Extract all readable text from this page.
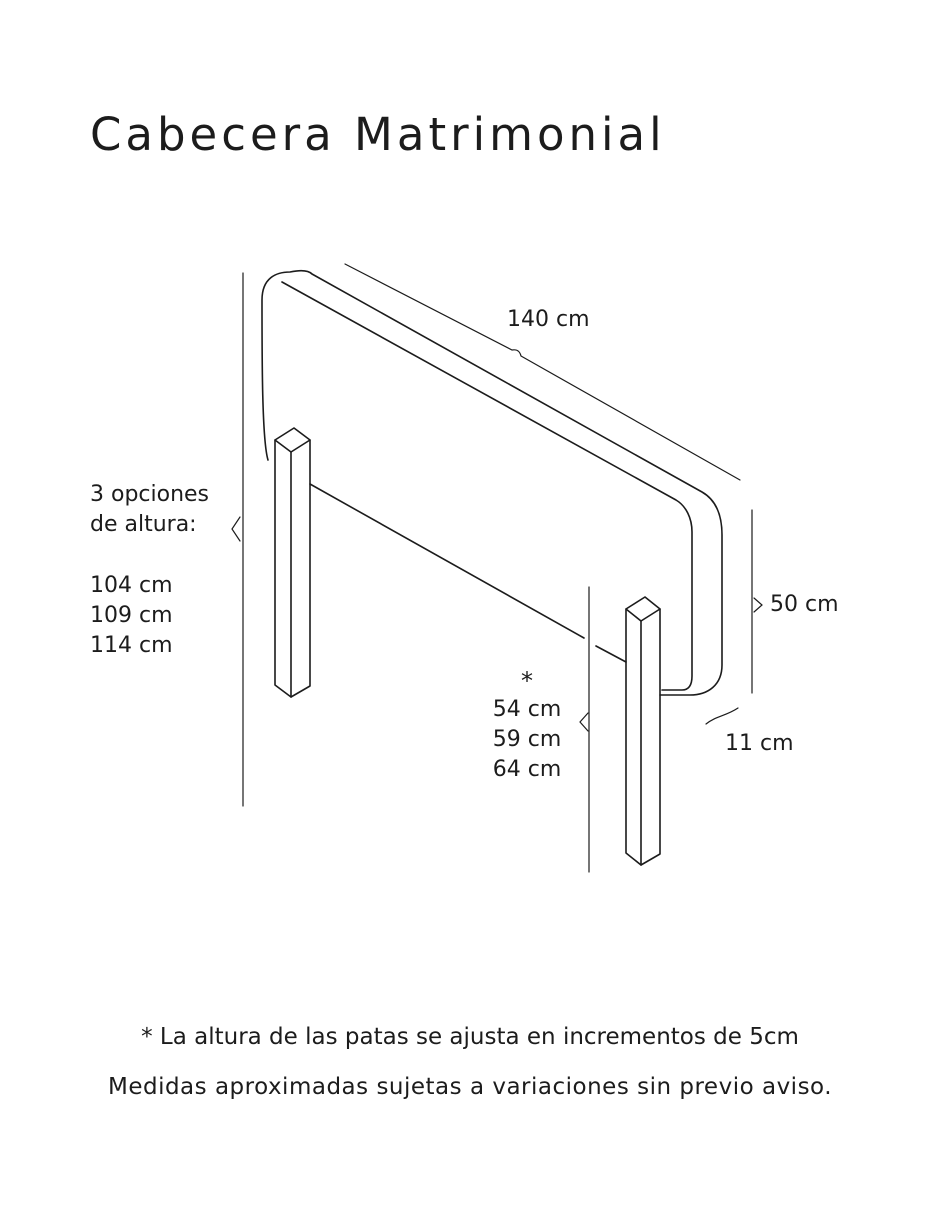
Cabecera Matrimonial
140 cm
50 cm
11 cm
3 opciones
de altura:
104 cm
109 cm
114 cm
*
54 cm
59 cm
64 cm
* La altura de las patas se ajusta en incrementos de 5cm
Medidas aproximadas sujetas a variaciones sin previo aviso.
